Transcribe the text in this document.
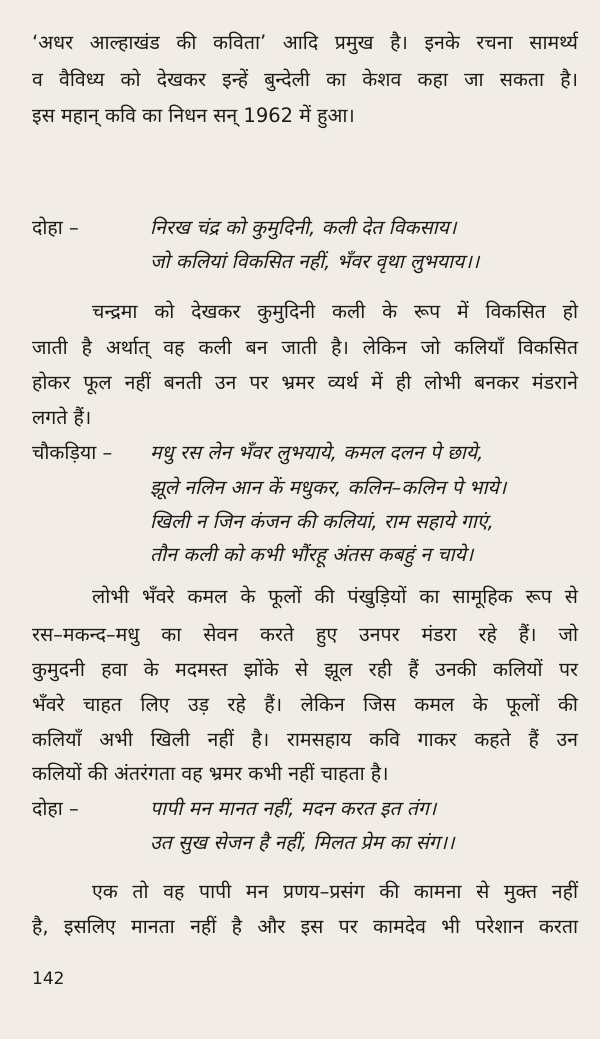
‘अधर आल्हाखंड की कविता’ आदि प्रमुख है। इनके रचना सामर्थ्य
व वैविध्य को देखकर इन्हें बुन्देली का केशव कहा जा सकता है।
इस महान् कवि का निधन सन् 1962 में हुआ।
दोहा –	निरख चंद्र को कुमुदिनी, कली देत विकसाय।
जो कलियां विकसित नहीं, भँवर वृथा लुभयाय।।
चन्द्रमा को देखकर कुमुदिनी कली के रूप में विकसित हो
जाती है अर्थात् वह कली बन जाती है। लेकिन जो कलियाँ विकसित
होकर फूल नहीं बनती उन पर भ्रमर व्यर्थ में ही लोभी बनकर मंडराने
लगते हैं।
चौकड़िया – मधु रस लेन भँवर लुभयाये, कमल दलन पे छाये,
झूले नलिन आन कें मधुकर, कलिन–कलिन पे भाये।
खिली न जिन कंजन की कलियां, राम सहाये गाएं,
तौन कली को कभी भौंरहू अंतस कबहुं न चाये।
लोभी भँवरे कमल के फूलों की पंखुड़ियों का सामूहिक रूप से
रस–मकन्द–मधु का सेवन करते हुए उनपर मंडरा रहे हैं। जो
कुमुदनी हवा के मदमस्त झोंके से झूल रही हैं उनकी कलियों पर
भँवरे चाहत लिए उड़ रहे हैं। लेकिन जिस कमल के फूलों की
कलियाँ अभी खिली नहीं है। रामसहाय कवि गाकर कहते हैं उन
कलियों की अंतरंगता वह भ्रमर कभी नहीं चाहता है।
दोहा –	पापी मन मानत नहीं, मदन करत इत तंग।
उत सुख सेजन है नहीं, मिलत प्रेम का संग।।
एक तो वह पापी मन प्रणय–प्रसंग की कामना से मुक्त नहीं
है, इसलिए मानता नहीं है और इस पर कामदेव भी परेशान करता
142
